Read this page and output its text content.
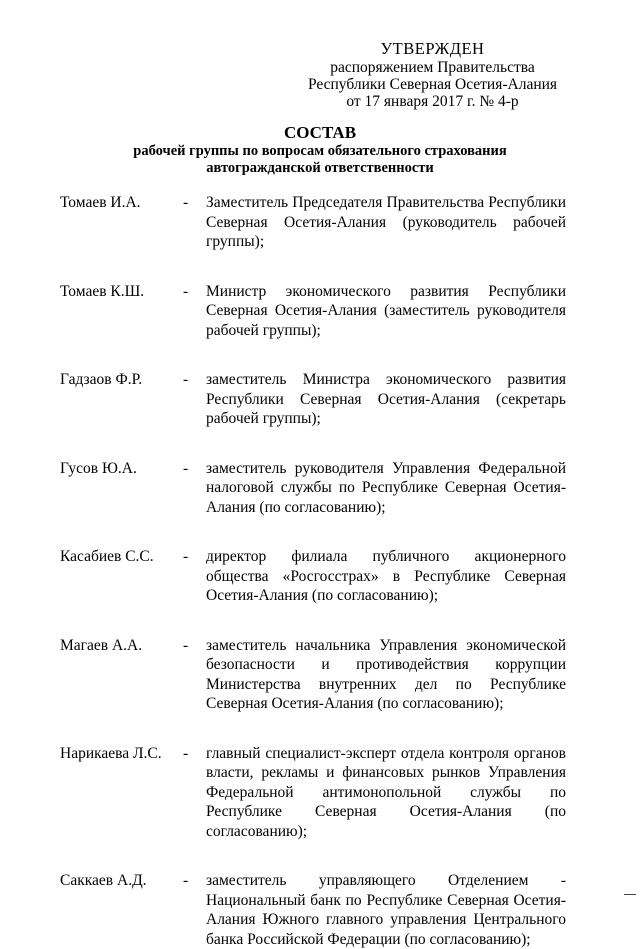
УТВЕРЖДЕН
распоряжением Правительства
Республики Северная Осетия-Алания
от 17 января 2017 г. № 4-р
СОСТАВ
рабочей группы по вопросам обязательного страхования
автогражданской ответственности
Томаев И.А.	- Заместитель Председателя Правительства Республики Северная Осетия-Алания (руководитель рабочей группы);
Томаев К.Ш.	- Министр экономического развития Республики Северная Осетия-Алания (заместитель руководителя рабочей группы);
Гадзаов Ф.Р.	- заместитель Министра экономического развития Республики Северная Осетия-Алания (секретарь рабочей группы);
Гусов Ю.А.	- заместитель руководителя Управления Федеральной налоговой службы по Республике Северная Осетия-Алания (по согласованию);
Касабиев С.С. - директор филиала публичного акционерного общества «Росгосстрах» в Республике Северная Осетия-Алания (по согласованию);
Магаев А.А.	- заместитель начальника Управления экономической безопасности и противодействия коррупции Министерства внутренних дел по Республике Северная Осетия-Алания (по согласованию);
Нарикаева Л.С. - главный специалист-эксперт отдела контроля органов власти, рекламы и финансовых рынков Управления Федеральной антимонопольной службы по Республике Северная Осетия-Алания (по согласованию);
Саккаев А.Д. - заместитель управляющего Отделением - Национальный банк по Республике Северная Осетия-Алания Южного главного управления Центрального банка Российской Федерации (по согласованию);
